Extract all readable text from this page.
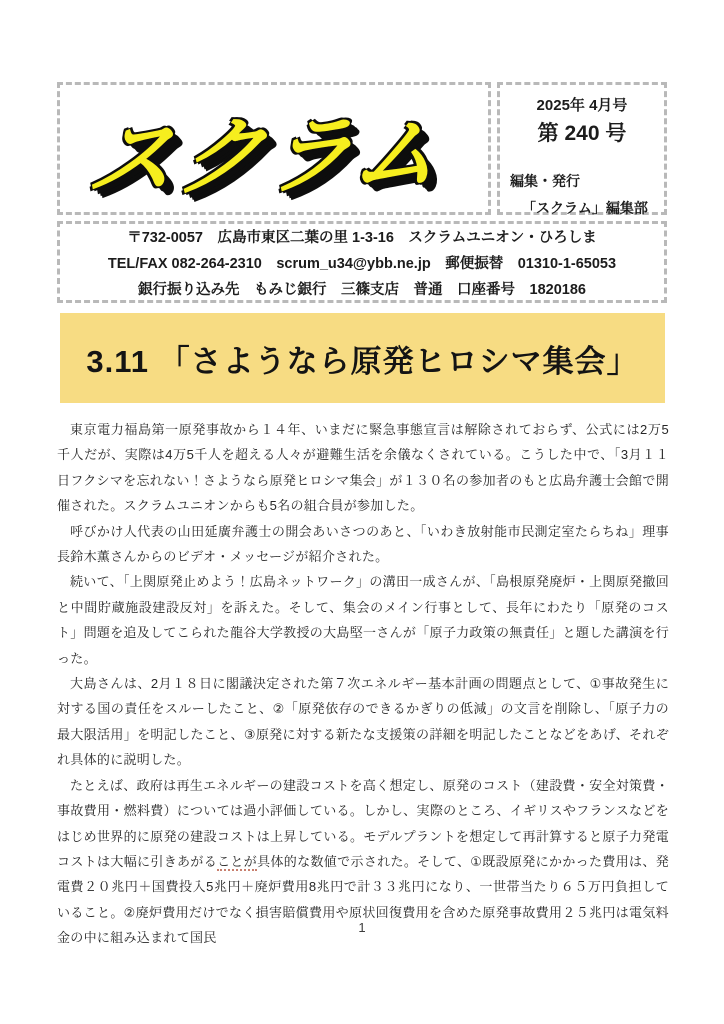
スクラム
2025年 4月号
第 240 号
編集・発行
「スクラム」編集部
〒732-0057　広島市東区二葉の里 1-3-16　スクラムユニオン・ひろしま
TEL/FAX 082-264-2310　scrum_u34@ybb.ne.jp　郵便振替　01310-1-65053
銀行振り込み先　もみじ銀行　三篠支店　普通　口座番号　1820186
3.11 「さようなら原発ヒロシマ集会」

東京電力福島第一原発事故から１４年、いまだに緊急事態宣言は解除されておらず、公式には2万5千人だが、実際は4万5千人を超える人々が避難生活を余儀なくされている。こうした中で、「3月１１日フクシマを忘れない！さようなら原発ヒロシマ集会」が１３０名の参加者のもと広島弁護士会館で開催された。スクラムユニオンからも5名の組合員が参加した。

呼びかけ人代表の山田延廣弁護士の開会あいさつのあと、「いわき放射能市民測定室たらちね」理事長鈴木薫さんからのビデオ・メッセージが紹介された。

続いて、「上関原発止めよう！広島ネットワーク」の溝田一成さんが、「島根原発廃炉・上関原発撤回と中間貯蔵施設建設反対」を訴えた。そして、集会のメイン行事として、長年にわたり「原発のコスト」問題を追及してこられた龍谷大学教授の大島堅一さんが「原子力政策の無責任」と題した講演を行った。

大島さんは、2月１８日に閣議決定された第７次エネルギー基本計画の問題点として、①事故発生に対する国の責任をスルーしたこと、②「原発依存のできるかぎりの低減」の文言を削除し、「原子力の最大限活用」を明記したこと、③原発に対する新たな支援策の詳細を明記したことなどをあげ、それぞれ具体的に説明した。

たとえば、政府は再生エネルギーの建設コストを高く想定し、原発のコスト（建設費・安全対策費・事故費用・燃料費）については過小評価している。しかし、実際のところ、イギリスやフランスなどをはじめ世界的に原発の建設コストは上昇している。モデルプラントを想定して再計算すると原子力発電コストは大幅に引きあがることが具体的な数値で示された。そして、①既設原発にかかった費用は、発電費２０兆円＋国費投入5兆円＋廃炉費用8兆円で計３３兆円になり、一世帯当たり６５万円負担していること。②廃炉費用だけでなく損害賠償費用や原状回復費用を含めた原発事故費用２５兆円は電気料金の中に組み込まれて国民

1
